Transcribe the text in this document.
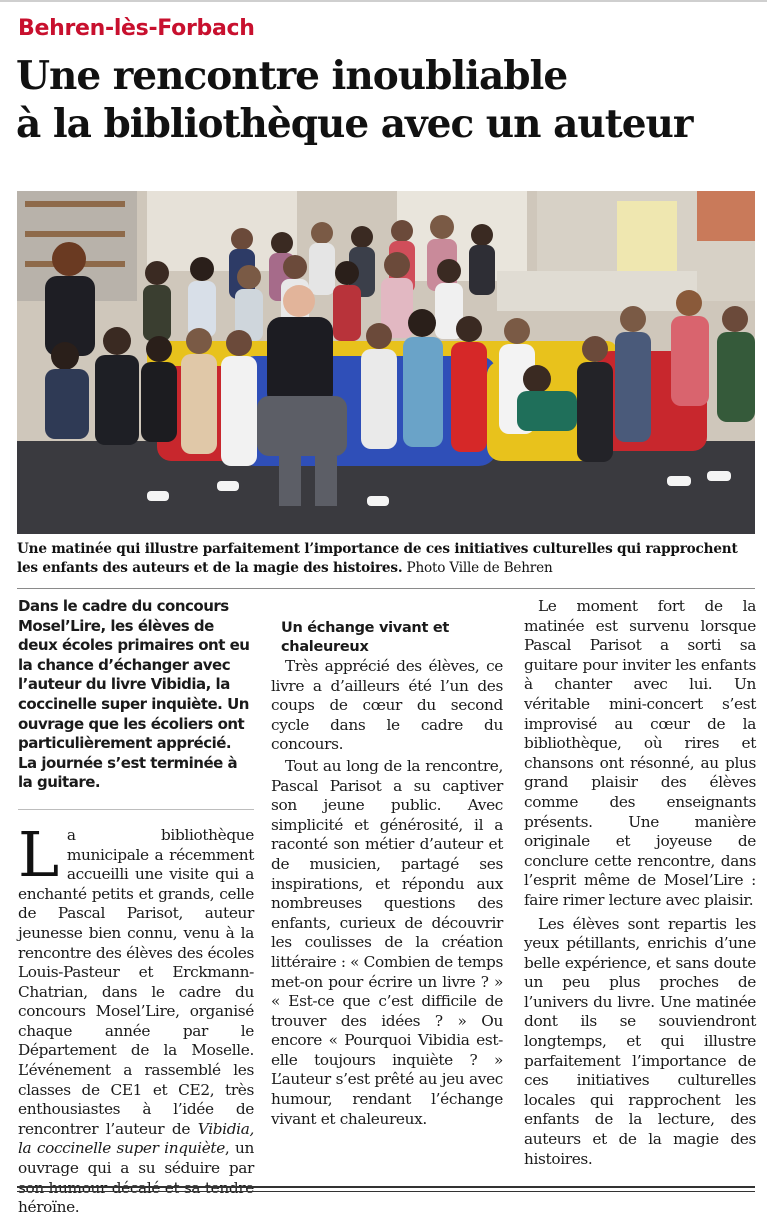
Behren-lès-Forbach
Une rencontre inoubliable
à la bibliothèque avec un auteur

Une matinée qui illustre parfaitement l’importance de ces initiatives culturelles qui rapprochent les enfants des auteurs et de la magie des histoires. Photo Ville de Behren

Dans le cadre du concours Mosel’Lire, les élèves de deux écoles primaires ont eu la chance d’échanger avec l’auteur du livre Vibidia, la coccinelle super inquiète. Un ouvrage que les écoliers ont particulièrement apprécié. La journée s’est terminée à la guitare.

La bibliothèque municipale a récemment accueilli une visite qui a enchanté petits et grands, celle de Pascal Parisot, auteur jeunesse bien connu, venu à la rencontre des élèves des écoles Louis-Pasteur et Erckmann-Chatrian, dans le cadre du concours Mosel’Lire, organisé chaque année par le Département de la Moselle. L’événement a rassemblé les classes de CE1 et CE2, très enthousiastes à l’idée de rencontrer l’auteur de Vibidia, la coccinelle super inquiète, un ouvrage qui a su séduire par héroïne.

Un échange vivant et chaleureux

Très apprécié des élèves, ce livre a d’ailleurs été l’un des coups de cœur du second cycle dans le cadre du concours.

Tout au long de la rencontre, Pascal Parisot a su captiver son jeune public. Avec simplicité et générosité, il a raconté son métier d’auteur et de musicien, partagé ses inspirations, et répondu aux nombreuses questions des enfants, curieux de découvrir les coulisses de la création littéraire : « Combien de temps met-on pour écrire un livre ? » « Est-ce que c’est difficile de trouver des idées ? » Ou encore « Pourquoi Vibidia est-elle toujours inquiète ? » L’auteur s’est prêté au jeu avec humour, rendant l’échange vivant et chaleureux.

Le moment fort de la matinée est survenu lorsque Pascal Parisot a sorti sa guitare pour inviter les enfants à chanter avec lui. Un véritable mini-concert s’est improvisé au cœur de la bibliothèque, où rires et chansons ont résonné, au plus grand plaisir des élèves comme des enseignants présents. Une manière originale et joyeuse de conclure cette rencontre, dans l’esprit même de Mosel’Lire : faire rimer lecture avec plaisir.

Les élèves sont repartis les yeux pétillants, enrichis d’une belle expérience, et sans doute un peu plus proches de l’univers du livre. Une matinée dont ils se souviendront longtemps, et qui illustre parfaitement l’importance de ces initiatives culturelles locales qui rapprochent les enfants de la lecture, des auteurs et de la magie des histoires.
